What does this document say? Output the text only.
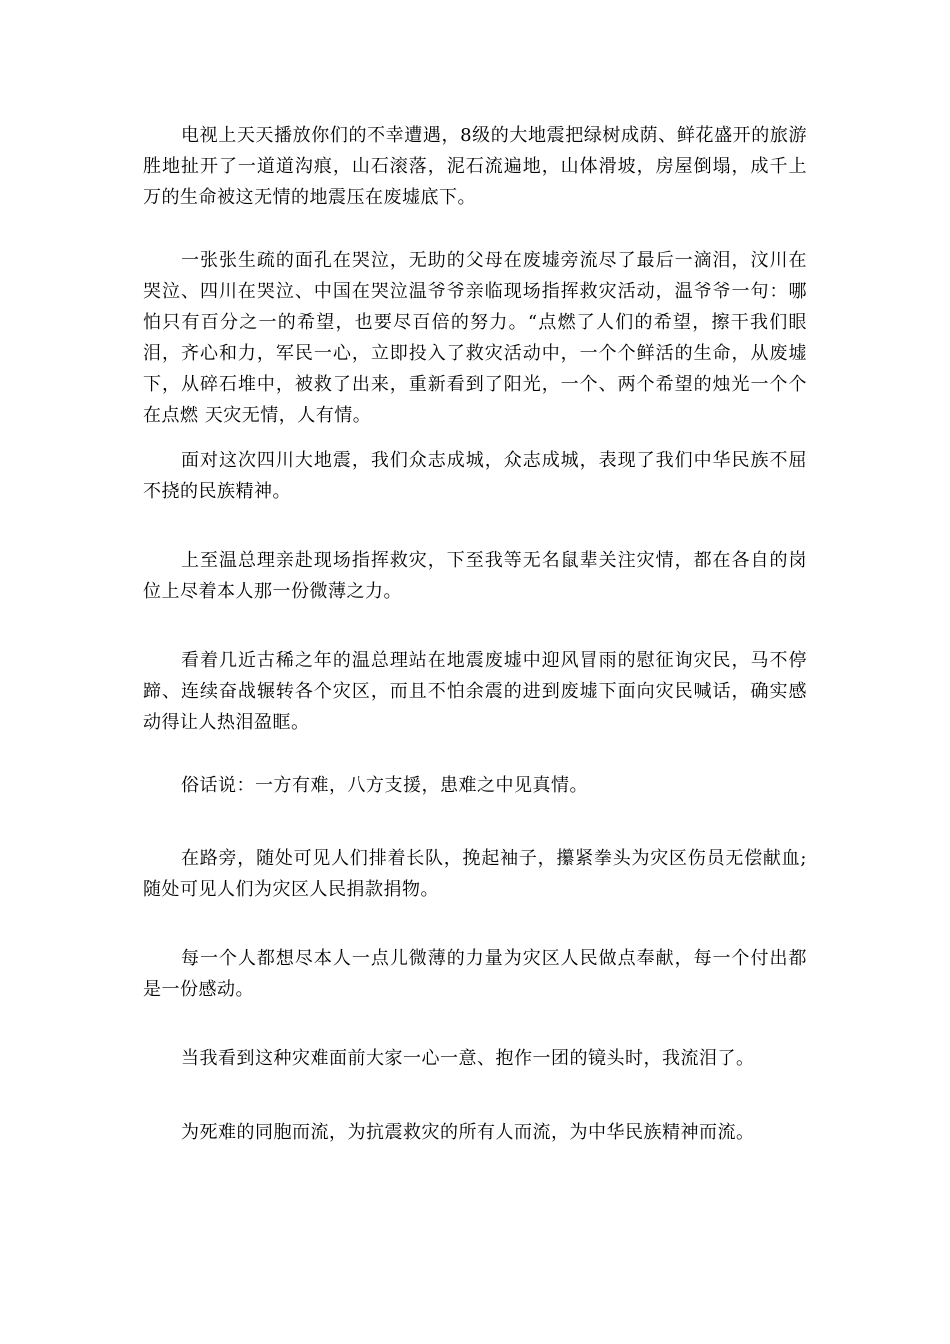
电视上天天播放你们的不幸遭遇，8级的大地震把绿树成荫、鲜花盛开的旅游胜地扯开了一道道沟痕，山石滚落，泥石流遍地，山体滑坡，房屋倒塌，成千上万的生命被这无情的地震压在废墟底下。

一张张生疏的面孔在哭泣，无助的父母在废墟旁流尽了最后一滴泪，汶川在哭泣、四川在哭泣、中国在哭泣温爷爷亲临现场指挥救灾活动，温爷爷一句：哪怕只有百分之一的希望，也要尽百倍的努力。“点燃了人们的希望，擦干我们眼泪，齐心和力，军民一心，立即投入了救灾活动中，一个个鲜活的生命，从废墟下，从碎石堆中，被救了出来，重新看到了阳光，一个、两个希望的烛光一个个在点燃 天灾无情，人有情。

面对这次四川大地震，我们众志成城，众志成城，表现了我们中华民族不屈不挠的民族精神。

上至温总理亲赴现场指挥救灾，下至我等无名鼠辈关注灾情，都在各自的岗位上尽着本人那一份微薄之力。

看着几近古稀之年的温总理站在地震废墟中迎风冒雨的慰征询灾民，马不停蹄、连续奋战辗转各个灾区，而且不怕余震的进到废墟下面向灾民喊话，确实感动得让人热泪盈眶。

俗话说：一方有难，八方支援，患难之中见真情。

在路旁，随处可见人们排着长队，挽起袖子，攥紧拳头为灾区伤员无偿献血;随处可见人们为灾区人民捐款捐物。

每一个人都想尽本人一点儿微薄的力量为灾区人民做点奉献，每一个付出都是一份感动。

当我看到这种灾难面前大家一心一意、抱作一团的镜头时，我流泪了。

为死难的同胞而流，为抗震救灾的所有人而流，为中华民族精神而流。
